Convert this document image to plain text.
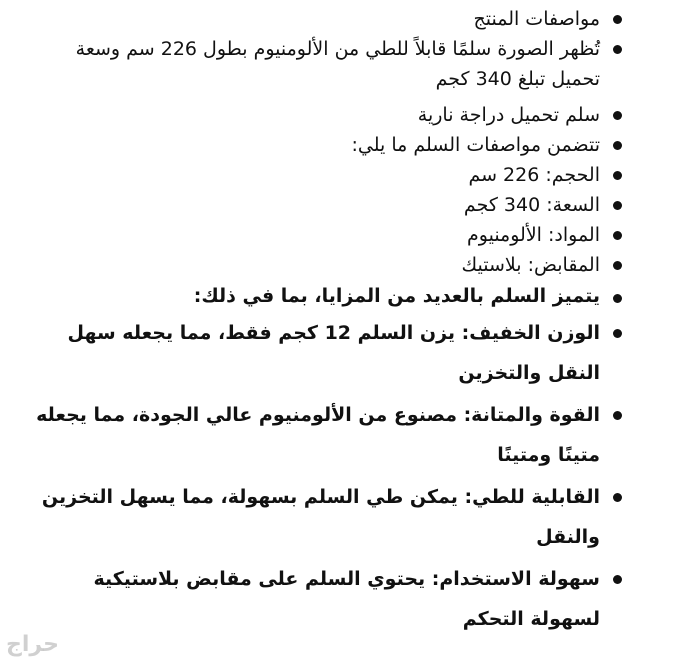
مواصفات المنتج
تُظهر الصورة سلمًا قابلاً للطي من الألومنيوم بطول 226 سم وسعة تحميل تبلغ 340 كجم
سلم تحميل دراجة نارية
تتضمن مواصفات السلم ما يلي:
الحجم: 226 سم
السعة: 340 كجم
المواد: الألومنيوم
المقابض: بلاستيك
يتميز السلم بالعديد من المزايا، بما في ذلك:
الوزن الخفيف: يزن السلم 12 كجم فقط، مما يجعله سهل النقل والتخزين
القوة والمتانة: مصنوع من الألومنيوم عالي الجودة، مما يجعله متينًا ومتينًا
القابلية للطي: يمكن طي السلم بسهولة، مما يسهل التخزين والنقل
سهولة الاستخدام: يحتوي السلم على مقابض بلاستيكية لسهولة التحكم
حراج
